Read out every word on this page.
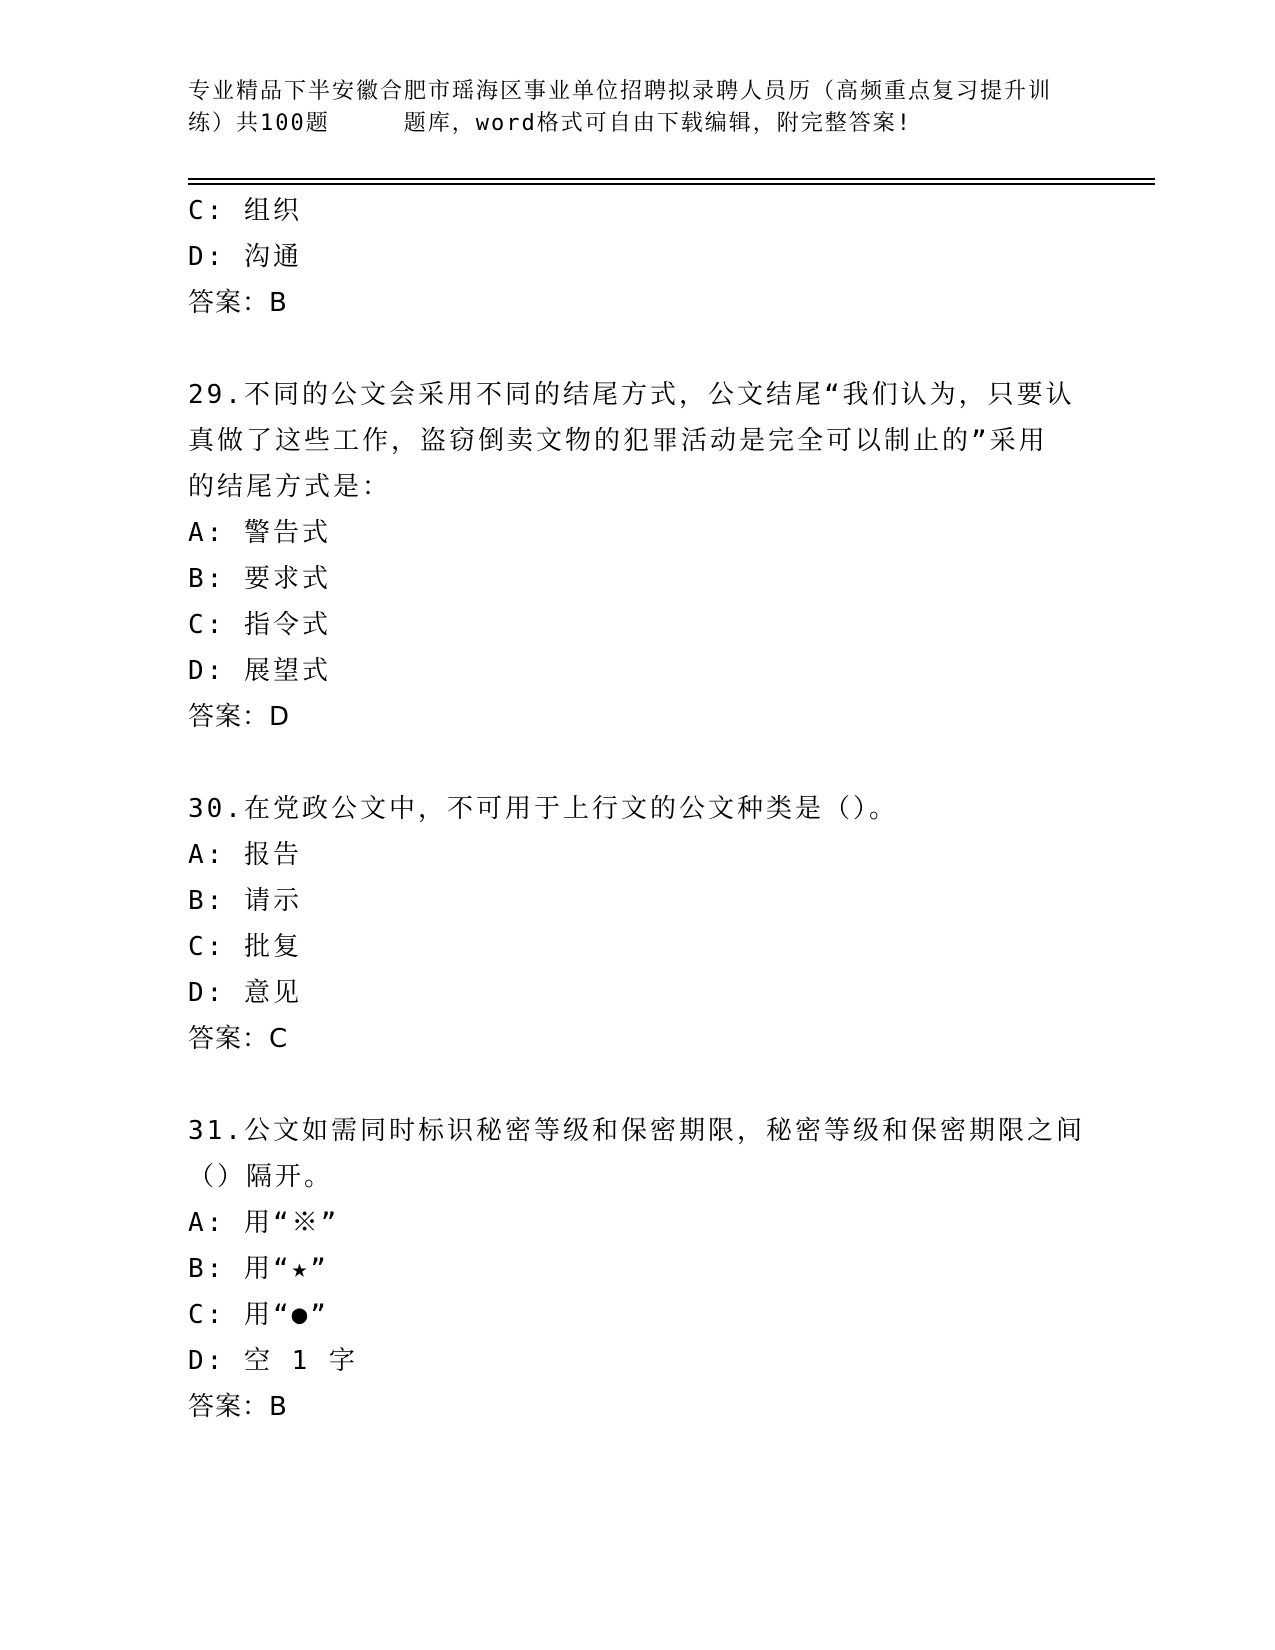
专业精品下半安徽合肥市瑶海区事业单位招聘拟录聘人员历（高频重点复习提升训
练）共100题	题库，word格式可自由下载编辑，附完整答案!
C: 组织
D: 沟通
答案：B
29.不同的公文会采用不同的结尾方式，公文结尾“我们认为，只要认
真做了这些工作，盗窃倒卖文物的犯罪活动是完全可以制止的”采用
的结尾方式是：
A: 警告式
B: 要求式
C: 指令式
D: 展望式
答案：D
30.在党政公文中，不可用于上行文的公文种类是（）。
A: 报告
B: 请示
C: 批复
D: 意见
答案：C
31.公文如需同时标识秘密等级和保密期限，秘密等级和保密期限之间
（）隔开。
A: 用“※”
B: 用“★”
C: 用“●”
D: 空 1 字
答案：B
